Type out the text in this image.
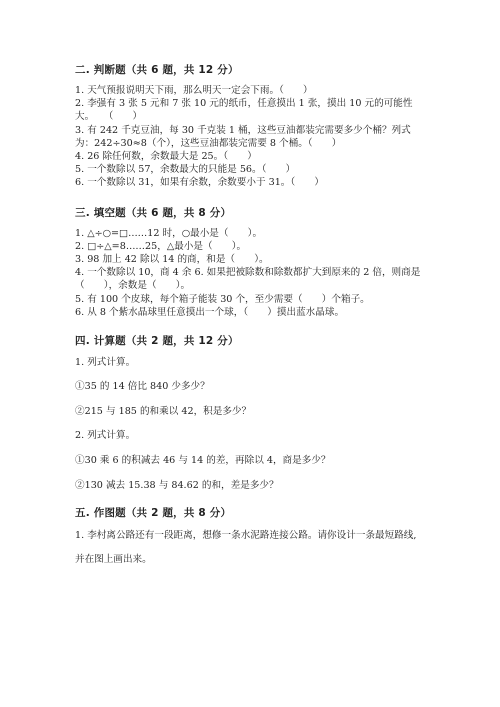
二. 判断题（共 6 题，共 12 分）
1. 天气预报说明天下雨，那么明天一定会下雨。（　　）
2. 李强有 3 张 5 元和 7 张 10 元的纸币，任意摸出 1 张，摸出 10 元的可能性
大。　　（　　）
3. 有 242 千克豆油，每 30 千克装 1 桶，这些豆油都装完需要多少个桶？列式
为：242÷30≈8（个），这些豆油都装完需要 8 个桶。（　　）
4. 26 除任何数，余数最大是 25。（　　）
5. 一个数除以 57，余数最大的只能是 56。（　　）
6. 一个数除以 31，如果有余数，余数要小于 31。（　　）
三. 填空题（共 6 题，共 8 分）
1. △÷○=□……12 时，○最小是（　　）。
2. □÷△=8……25，△最小是（　　）。
3. 98 加上 42 除以 14 的商，和是（　　）。
4. 一个数除以 10，商 4 余 6. 如果把被除数和除数都扩大到原来的 2 倍，则商是
（　　），余数是（　　）。
5. 有 100 个皮球，每个箱子能装 30 个，至少需要（　　）个箱子。
6. 从 8 个紫水晶球里任意摸出一个球，（　　）摸出蓝水晶球。
四. 计算题（共 2 题，共 12 分）
1. 列式计算。
①35 的 14 倍比 840 少多少？
②215 与 185 的和乘以 42，积是多少？
2. 列式计算。
①30 乘 6 的积减去 46 与 14 的差，再除以 4，商是多少？
②130 减去 15.38 与 84.62 的和，差是多少？
五. 作图题（共 2 题，共 8 分）
1. 李村离公路还有一段距离，想修一条水泥路连接公路。请你设计一条最短路线,
并在图上画出来。
